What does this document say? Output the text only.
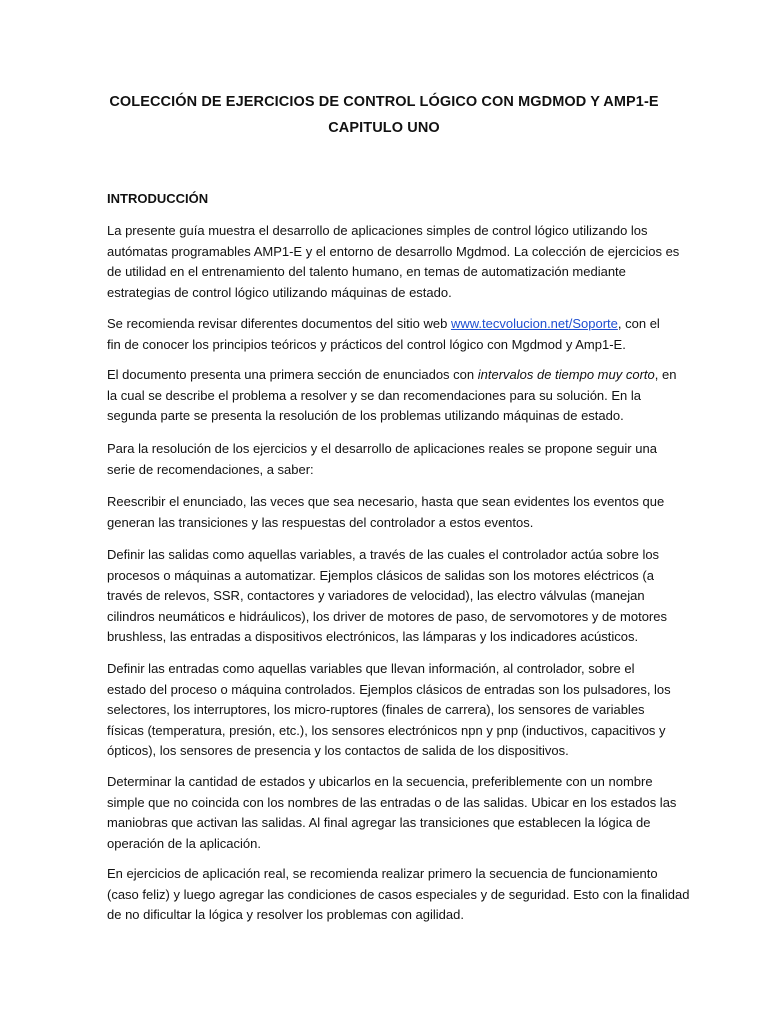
COLECCIÓN DE EJERCICIOS DE CONTROL LÓGICO CON MGDMOD Y AMP1-E
CAPITULO UNO
INTRODUCCIÓN
La presente guía muestra el desarrollo de aplicaciones simples de control lógico utilizando los
autómatas programables AMP1-E y el entorno de desarrollo Mgdmod. La colección de ejercicios es
de utilidad en el entrenamiento del talento humano, en temas de automatización mediante
estrategias de control lógico utilizando máquinas de estado.
Se recomienda revisar diferentes documentos del sitio web www.tecvolucion.net/Soporte, con el
fin de conocer los principios teóricos y prácticos del control lógico con Mgdmod y Amp1-E.
El documento presenta una primera sección de enunciados con intervalos de tiempo muy corto, en
la cual se describe el problema a resolver y se dan recomendaciones para su solución. En la
segunda parte se presenta la resolución de los problemas utilizando máquinas de estado.
Para la resolución de los ejercicios y el desarrollo de aplicaciones reales se propone seguir una
serie de recomendaciones, a saber:
Reescribir el enunciado, las veces que sea necesario, hasta que sean evidentes los eventos que
generan las transiciones y las respuestas del controlador a estos eventos.
Definir las salidas como aquellas variables, a través de las cuales el controlador actúa sobre los
procesos o máquinas a automatizar. Ejemplos clásicos de salidas son los motores eléctricos (a
través de relevos, SSR, contactores y variadores de velocidad), las electro válvulas (manejan
cilindros neumáticos e hidráulicos), los driver de motores de paso, de servomotores y de motores
brushless, las entradas a dispositivos electrónicos, las lámparas y los indicadores acústicos.
Definir las entradas como aquellas variables que llevan información, al controlador, sobre el
estado del proceso o máquina controlados. Ejemplos clásicos de entradas son los pulsadores, los
selectores, los interruptores, los micro-ruptores (finales de carrera), los sensores de variables
físicas (temperatura, presión, etc.), los sensores electrónicos npn y pnp (inductivos, capacitivos y
ópticos), los sensores de presencia y los contactos de salida de los dispositivos.
Determinar la cantidad de estados y ubicarlos en la secuencia, preferiblemente con un nombre
simple que no coincida con los nombres de las entradas o de las salidas. Ubicar en los estados las
maniobras que activan las salidas. Al final agregar las transiciones que establecen la lógica de
operación de la aplicación.
En ejercicios de aplicación real, se recomienda realizar primero la secuencia de funcionamiento
(caso feliz) y luego agregar las condiciones de casos especiales y de seguridad. Esto con la finalidad
de no dificultar la lógica y resolver los problemas con agilidad.
